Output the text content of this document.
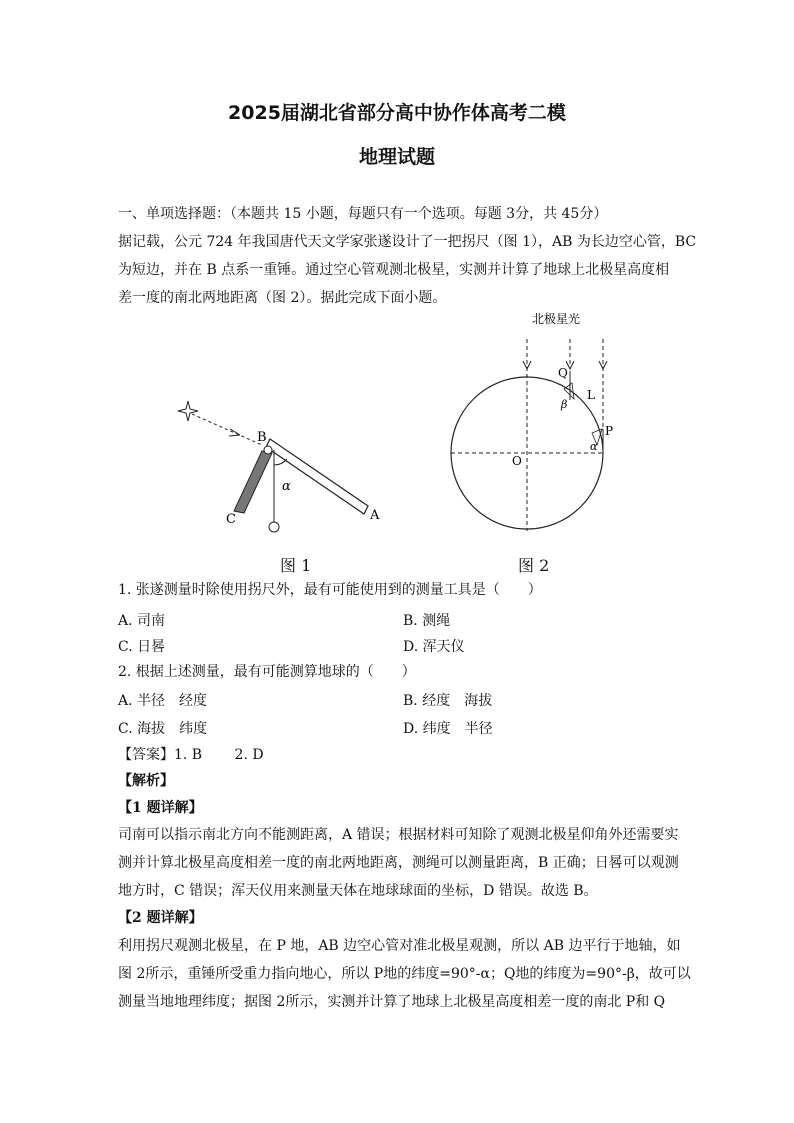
2025届湖北省部分高中协作体高考二模
地理试题
一、单项选择题：（本题共 15 小题，每题只有一个选项。每题 3分，共 45分）
据记载，公元 724 年我国唐代天文学家张遂设计了一把拐尺（图 1），AB 为长边空心管，BC
为短边，并在 B 点系一重锤。通过空心管观测北极星，实测并计算了地球上北极星高度相
差一度的南北两地距离（图 2）。据此完成下面小题。
B
α
A
C
图 1
北极星光
Q
β
L
P
α
O
图 2
1. 张遂测量时除使用拐尺外，最有可能使用到的测量工具是（　　）
A. 司南	B. 测绳
C. 日晷	D. 浑天仪
2. 根据上述测量，最有可能测算地球的（　　）
A. 半径　经度	B. 经度　海拔
C. 海拔　纬度	D. 纬度　半径
【答案】1. B　　 2. D
【解析】
【1 题详解】
司南可以指示南北方向不能测距离，A 错误；根据材料可知除了观测北极星仰角外还需要实
测并计算北极星高度相差一度的南北两地距离，测绳可以测量距离，B 正确；日晷可以观测
地方时，C 错误；浑天仪用来测量天体在地球球面的坐标，D 错误。故选 B。
【2 题详解】
利用拐尺观测北极星，在 P 地，AB 边空心管对准北极星观测，所以 AB 边平行于地轴，如
图 2所示，重锤所受重力指向地心，所以 P地的纬度=90°-α；Q地的纬度为=90°-β，故可以
测量当地地理纬度；据图 2所示，实测并计算了地球上北极星高度相差一度的南北 P和 Q
